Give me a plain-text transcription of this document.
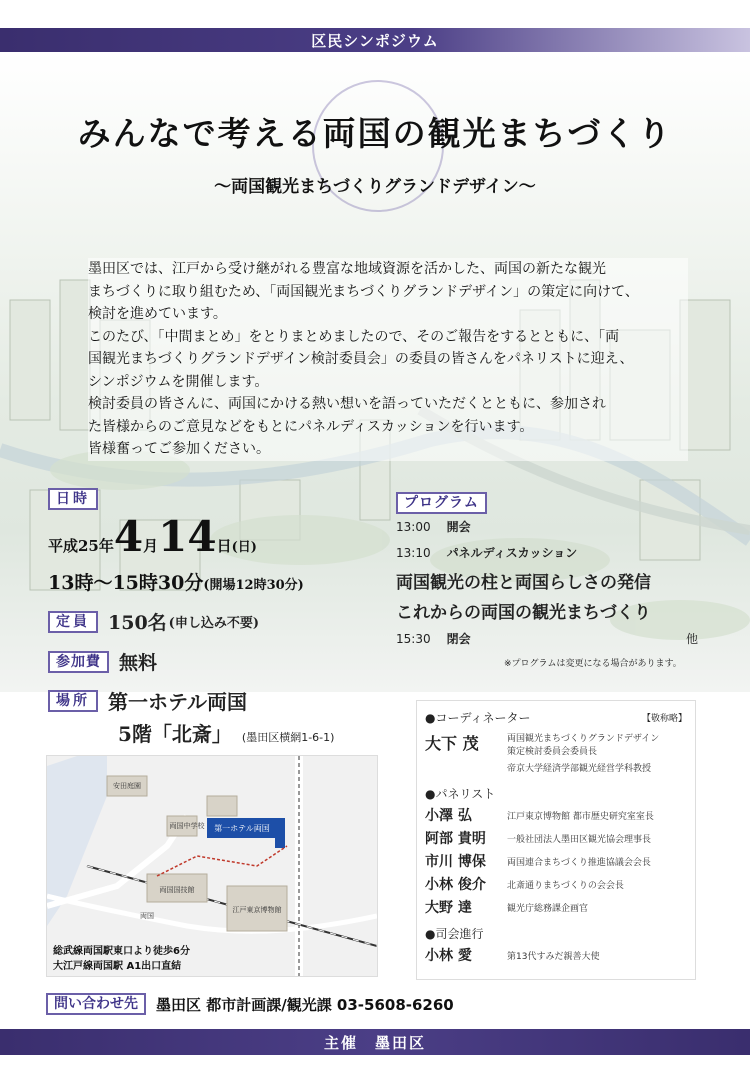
区民シンポジウム
みんなで考える両国の観光まちづくり
〜両国観光まちづくりグランドデザイン〜

墨田区では、江戸から受け継がれる豊富な地域資源を活かした、両国の新たな観光

まちづくりに取り組むため、「両国観光まちづくりグランドデザイン」の策定に向けて、

検討を進めています。

このたび、「中間まとめ」をとりまとめましたので、そのご報告をするとともに、「両

国観光まちづくりグランドデザイン検討委員会」の委員の皆さんをパネリストに迎え、

シンポジウムを開催します。

検討委員の皆さんに、両国にかける熱い想いを語っていただくとともに、参加され

た皆様からのご意見などをもとにパネルディスカッションを行います。

皆様奮ってご参加ください。

日時
平成25年4月14日(日)
13時〜15時30分(開場12時30分)
定員 150名 (申し込み不要)
参加費 無料
場所 第一ホテル両国
5階「北斎」 (墨田区横網1-6-1)
プログラム
13:00 開会
13:10 パネルディスカッション
両国観光の柱と両国らしさの発信
これからの両国の観光まちづくり
15:30 閉会	他
※プログラムは変更になる場合があります。
●コーディネーター	【敬称略】
大下 茂	両国観光まちづくりグランドデザイン
策定検討委員会委員長
帝京大学経済学部観光経営学科教授
●パネリスト
小澤 弘	江戸東京博物館 都市歴史研究室室長
阿部 貴明 一般社団法人墨田区観光協会理事長
市川 博保 両国連合まちづくり推進協議会会長
小林 俊介 北斎通りまちづくりの会会長
大野 達	観光庁総務課企画官
●司会進行
小林 愛	第13代すみだ親善大使
第一ホテル両国
両国国技館
江戸東京博物館
両国中学校
両国
安田庭園
総武線両国駅東口より徒歩6分
大江戸線両国駅 A1出口直結
問い合わせ先	墨田区 都市計画課/観光課 03-5608-6260
主催　墨田区
